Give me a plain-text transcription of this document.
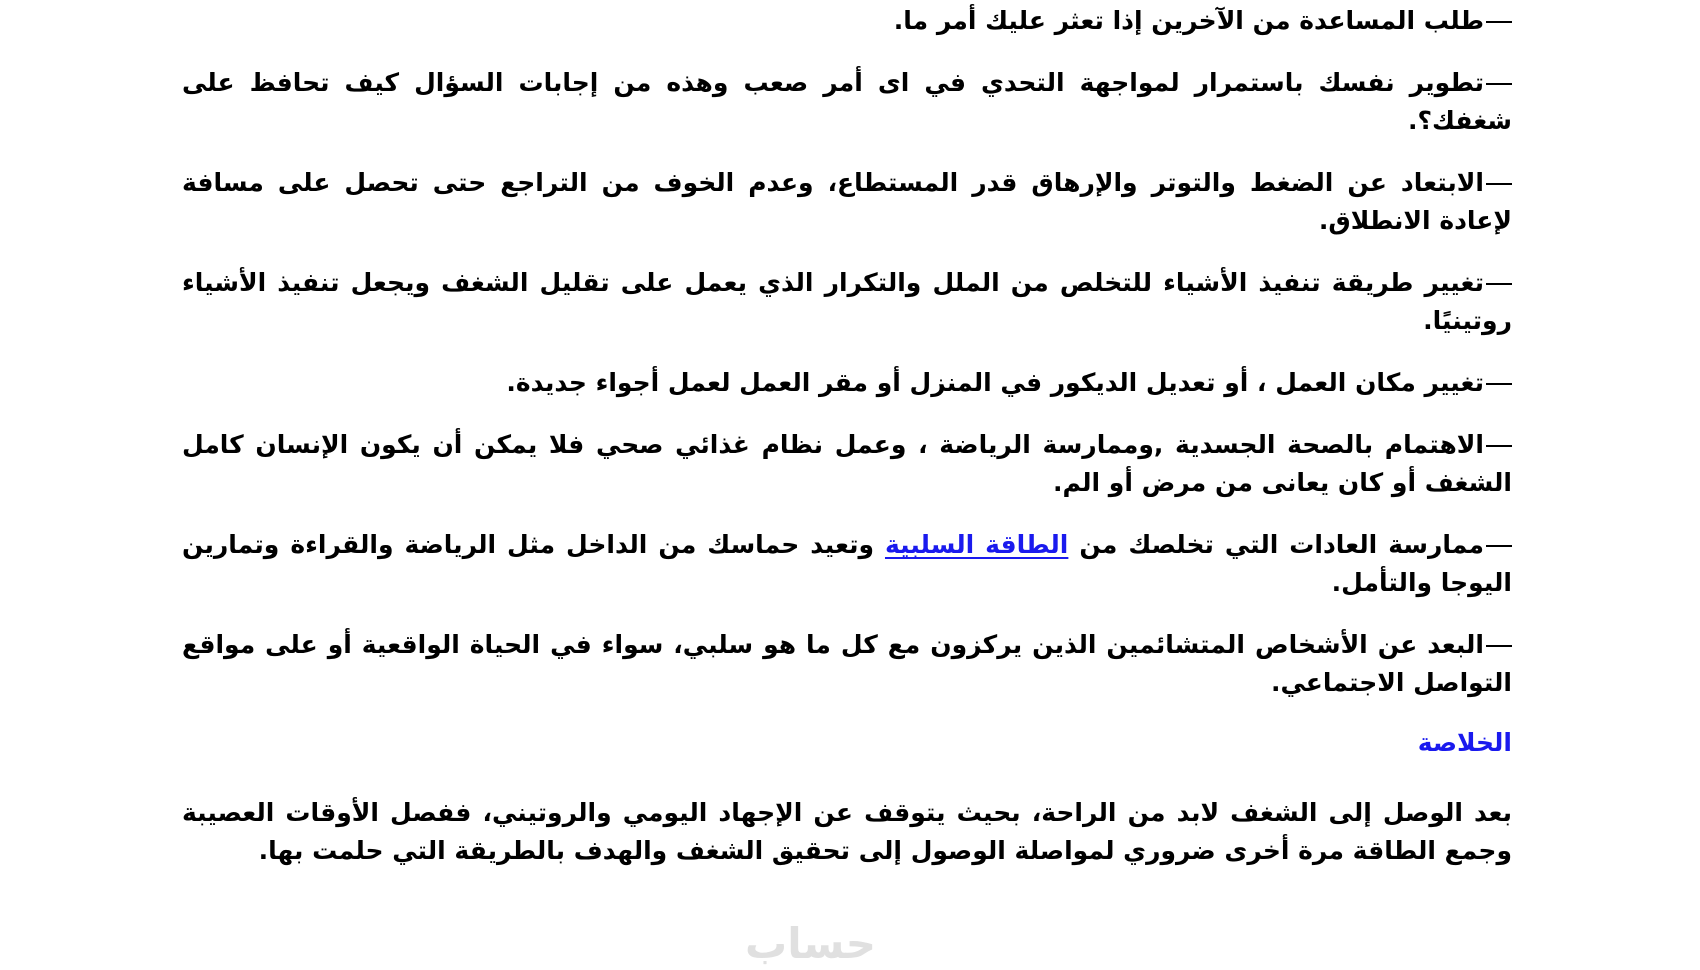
طلب المساعدة من الآخرين إذا تعثر عليك أمر ما.

تطوير نفسك باستمرار لمواجهة التحدي في اى أمر صعب وهذه من إجابات السؤال كيف تحافظ على شغفك؟.

الابتعاد عن الضغط والتوتر والإرهاق قدر المستطاع، وعدم الخوف من التراجع حتى تحصل على مسافة لإعادة الانطلاق.

تغيير طريقة تنفيذ الأشياء للتخلص من الملل والتكرار الذي يعمل على تقليل الشغف ويجعل تنفيذ الأشياء روتينيًا.

تغيير مكان العمل ، أو تعديل الديكور في المنزل أو مقر العمل لعمل أجواء جديدة.

الاهتمام بالصحة الجسدية ,وممارسة الرياضة ، وعمل نظام غذائي صحي فلا يمكن أن يكون الإنسان كامل الشغف أو كان يعانى من مرض أو الم.

ممارسة العادات التي تخلصك من الطاقة السلبية وتعيد حماسك من الداخل مثل الرياضة والقراءة وتمارين اليوجا والتأمل.

البعد عن الأشخاص المتشائمين الذين يركزون مع كل ما هو سلبي، سواء في الحياة الواقعية أو على مواقع التواصل الاجتماعي.

الخلاصة

بعد الوصل إلى الشغف لابد من الراحة، بحيث يتوقف عن الإجهاد اليومي والروتيني، ففصل الأوقات العصيبة وجمع الطاقة مرة أخرى ضروري لمواصلة الوصول إلى تحقيق الشغف والهدف بالطريقة التي حلمت بها.

حساب
